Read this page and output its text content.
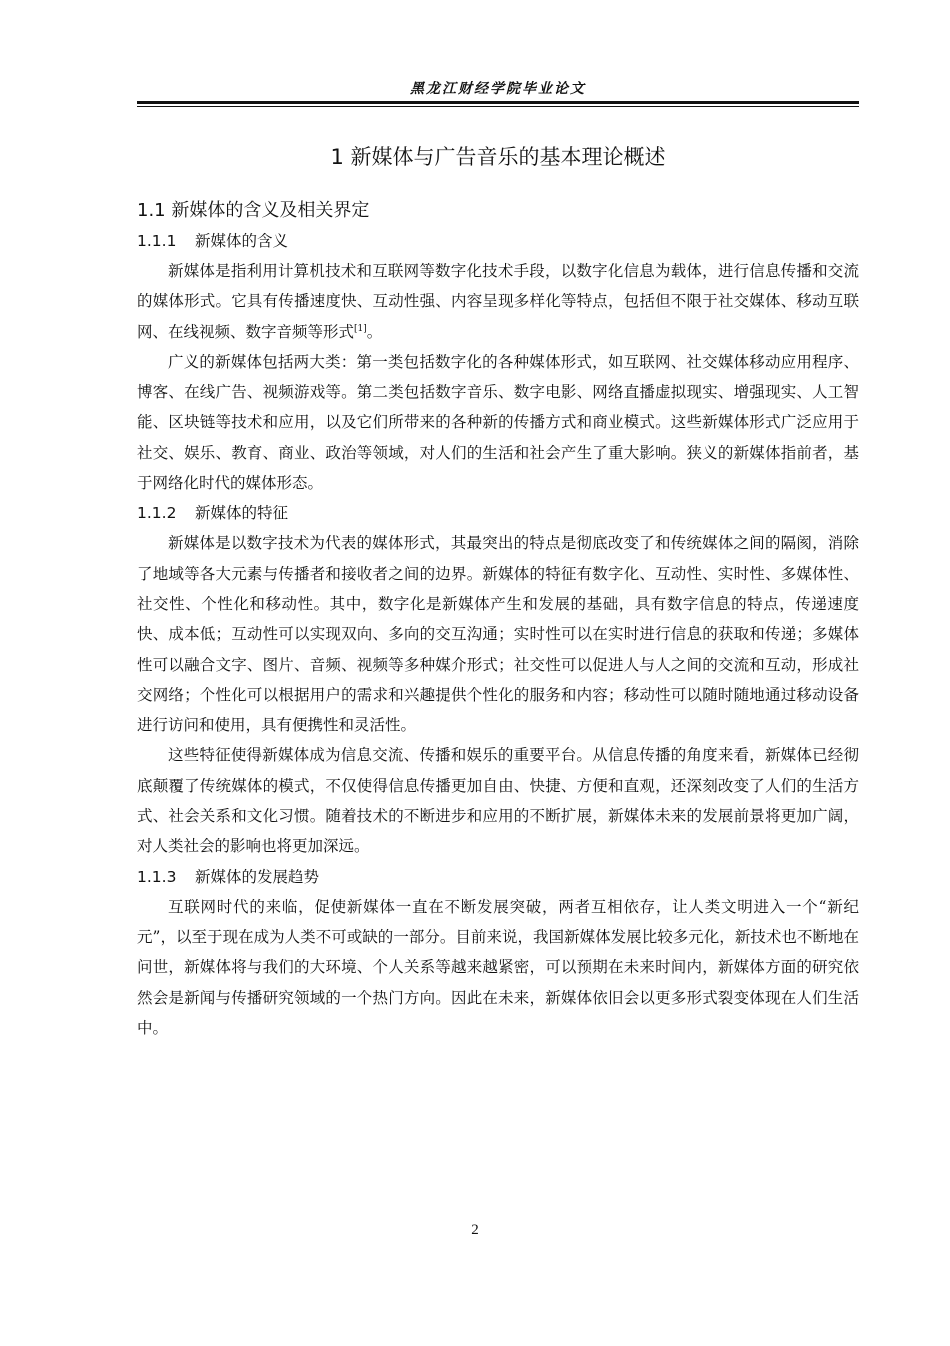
黑龙江财经学院毕业论文
1 新媒体与广告音乐的基本理论概述
1.1 新媒体的含义及相关界定
1.1.1 新媒体的含义

新媒体是指利用计算机技术和互联网等数字化技术手段，以数字化信息为载体，进行信息传播和交流的媒体形式。它具有传播速度快、互动性强、内容呈现多样化等特点，包括但不限于社交媒体、移动互联网、在线视频、数字音频等形式[1]。

广义的新媒体包括两大类：第一类包括数字化的各种媒体形式，如互联网、社交媒体移动应用程序、博客、在线广告、视频游戏等。第二类包括数字音乐、数字电影、网络直播虚拟现实、增强现实、人工智能、区块链等技术和应用，以及它们所带来的各种新的传播方式和商业模式。这些新媒体形式广泛应用于社交、娱乐、教育、商业、政治等领域，对人们的生活和社会产生了重大影响。狭义的新媒体指前者，基于网络化时代的媒体形态。

1.1.2 新媒体的特征

新媒体是以数字技术为代表的媒体形式，其最突出的特点是彻底改变了和传统媒体之间的隔阂，消除了地域等各大元素与传播者和接收者之间的边界。新媒体的特征有数字化、互动性、实时性、多媒体性、社交性、个性化和移动性。其中，数字化是新媒体产生和发展的基础，具有数字信息的特点，传递速度快、成本低；互动性可以实现双向、多向的交互沟通；实时性可以在实时进行信息的获取和传递；多媒体性可以融合文字、图片、音频、视频等多种媒介形式；社交性可以促进人与人之间的交流和互动，形成社交网络；个性化可以根据用户的需求和兴趣提供个性化的服务和内容；移动性可以随时随地通过移动设备进行访问和使用，具有便携性和灵活性。

这些特征使得新媒体成为信息交流、传播和娱乐的重要平台。从信息传播的角度来看，新媒体已经彻底颠覆了传统媒体的模式，不仅使得信息传播更加自由、快捷、方便和直观，还深刻改变了人们的生活方式、社会关系和文化习惯。随着技术的不断进步和应用的不断扩展，新媒体未来的发展前景将更加广阔，对人类社会的影响也将更加深远。

1.1.3 新媒体的发展趋势

互联网时代的来临，促使新媒体一直在不断发展突破，两者互相依存，让人类文明进入一个“新纪元”，以至于现在成为人类不可或缺的一部分。目前来说，我国新媒体发展比较多元化，新技术也不断地在问世，新媒体将与我们的大环境、个人关系等越来越紧密，可以预期在未来时间内，新媒体方面的研究依然会是新闻与传播研究领域的一个热门方向。因此在未来，新媒体依旧会以更多形式裂变体现在人们生活中。

2
